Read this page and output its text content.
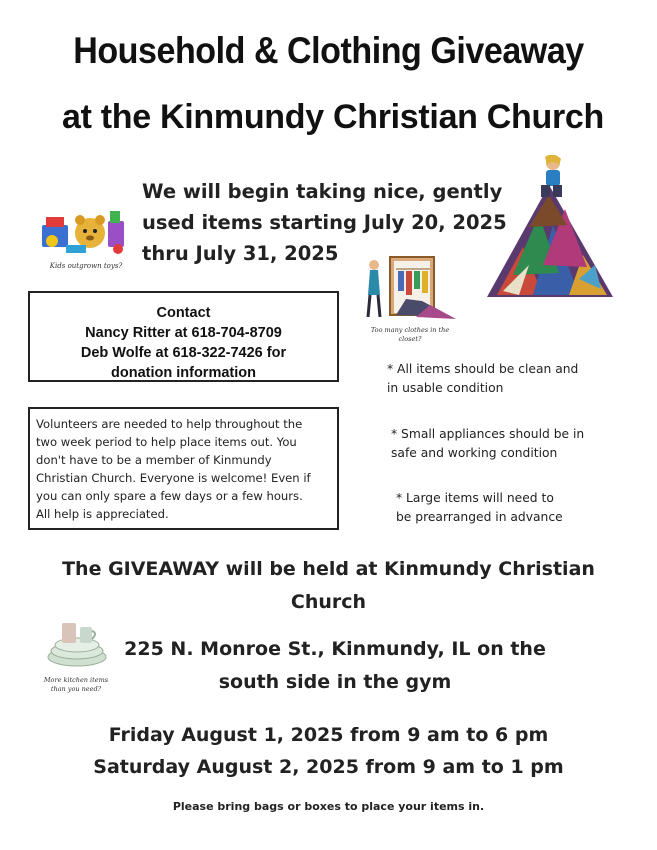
Household & Clothing Giveaway
at the Kinmundy Christian Church
Kids outgrown toys?
We will begin taking nice, gently
used items starting July 20, 2025
thru July 31, 2025
Too many clothes in the
closet?
Contact
Nancy Ritter at 618-704-8709
Deb Wolfe at 618-322-7426 for
donation information
Volunteers are needed to help throughout the
two week period to help place items out. You
don't have to be a member of Kinmundy
Christian Church. Everyone is welcome! Even if
you can only spare a few days or a few hours.
All help is appreciated.
* All items should be clean and
in usable condition
* Small appliances should be in
safe and working condition
* Large items will need to
be prearranged in advance
The GIVEAWAY will be held at Kinmundy Christian
Church
More kitchen items
than you need?
225 N. Monroe St., Kinmundy, IL on the
south side in the gym
Friday August 1, 2025 from 9 am to 6 pm
Saturday August 2, 2025 from 9 am to 1 pm
Please bring bags or boxes to place your items in.
